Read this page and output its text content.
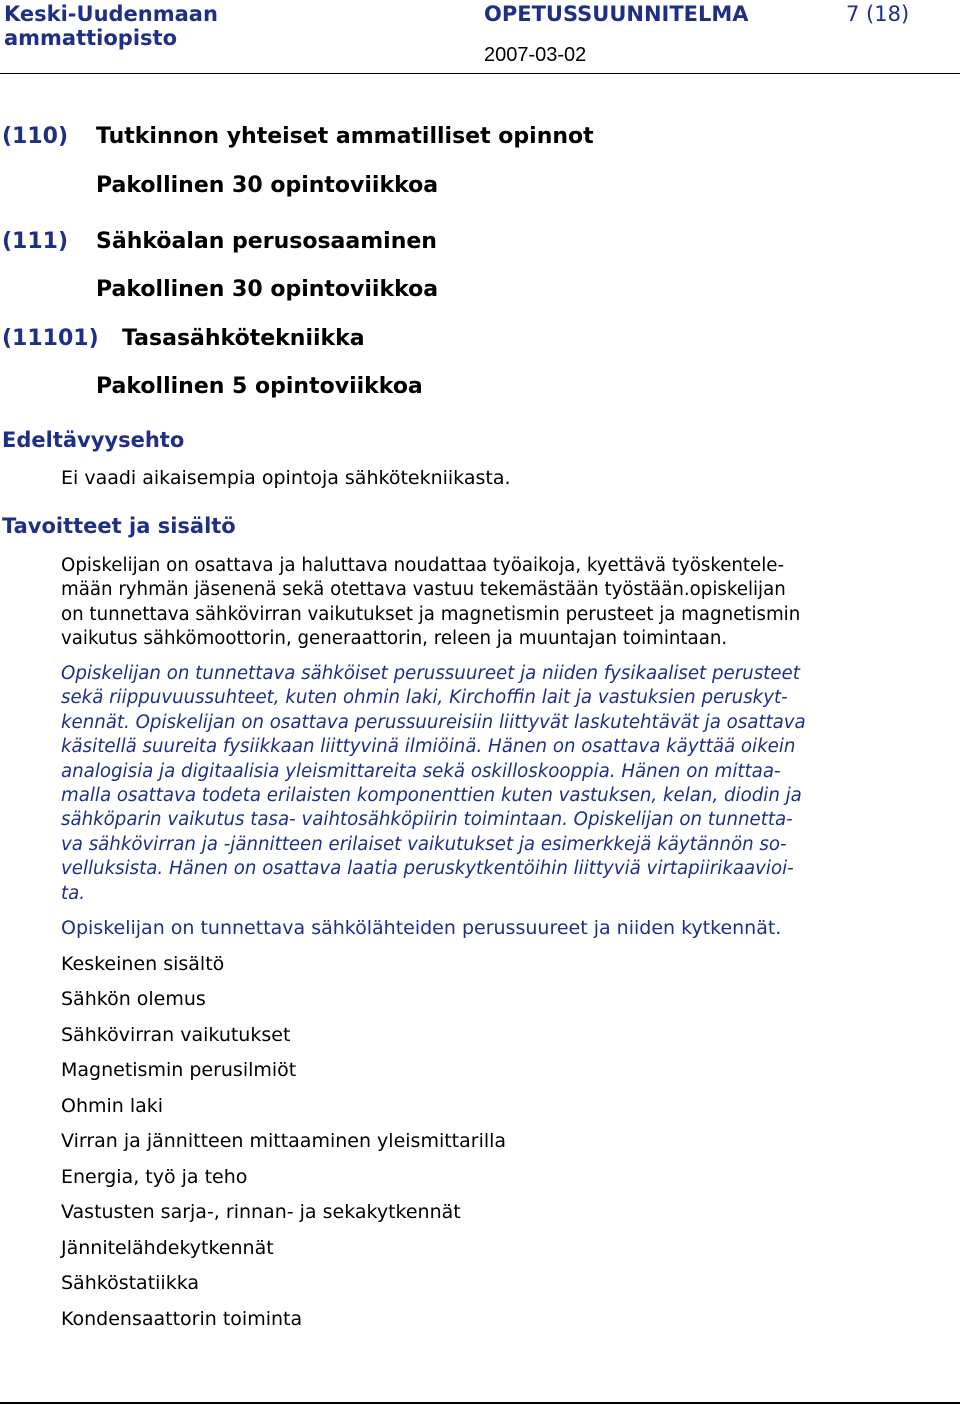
Keski-Uudenmaan
ammattiopisto
OPETUSSUUNNITELMA	7 (18)
2007-03-02
(110) Tutkinnon yhteiset ammatilliset opinnot
Pakollinen 30 opintoviikkoa
(111) Sähköalan perusosaaminen
Pakollinen 30 opintoviikkoa
(11101) Tasasähkötekniikka
Pakollinen 5 opintoviikkoa
Edeltävyysehto
Ei vaadi aikaisempia opintoja sähkötekniikasta.
Tavoitteet ja sisältö
Opiskelijan on osattava ja haluttava noudattaa työaikoja, kyettävä työskentele-
mään ryhmän jäsenenä sekä otettava vastuu tekemästään työstään.opiskelijan
on tunnettava sähkövirran vaikutukset ja magnetismin perusteet ja magnetismin
vaikutus sähkömoottorin, generaattorin, releen ja muuntajan toimintaan.
Opiskelijan on tunnettava sähköiset perussuureet ja niiden fysikaaliset perusteet
sekä riippuvuussuhteet, kuten ohmin laki, Kirchoffin lait ja vastuksien peruskyt-
kennät. Opiskelijan on osattava perussuureisiin liittyvät laskutehtävät ja osattava
käsitellä suureita fysiikkaan liittyvinä ilmiöinä. Hänen on osattava käyttää oikein
analogisia ja digitaalisia yleismittareita sekä oskilloskooppia. Hänen on mittaa-
malla osattava todeta erilaisten komponenttien kuten vastuksen, kelan, diodin ja
sähköparin vaikutus tasa- vaihtosähköpiirin toimintaan. Opiskelijan on tunnetta-
va sähkövirran ja -jännitteen erilaiset vaikutukset ja esimerkkejä käytännön so-
velluksista. Hänen on osattava laatia peruskytkentöihin liittyviä virtapiirikaavioi-
ta.
Opiskelijan on tunnettava sähkölähteiden perussuureet ja niiden kytkennät.
Keskeinen sisältö
Sähkön olemus
Sähkövirran vaikutukset
Magnetismin perusilmiöt
Ohmin laki
Virran ja jännitteen mittaaminen yleismittarilla
Energia, työ ja teho
Vastusten sarja-, rinnan- ja sekakytkennät
Jännitelähdekytkennät
Sähköstatiikka
Kondensaattorin toiminta
